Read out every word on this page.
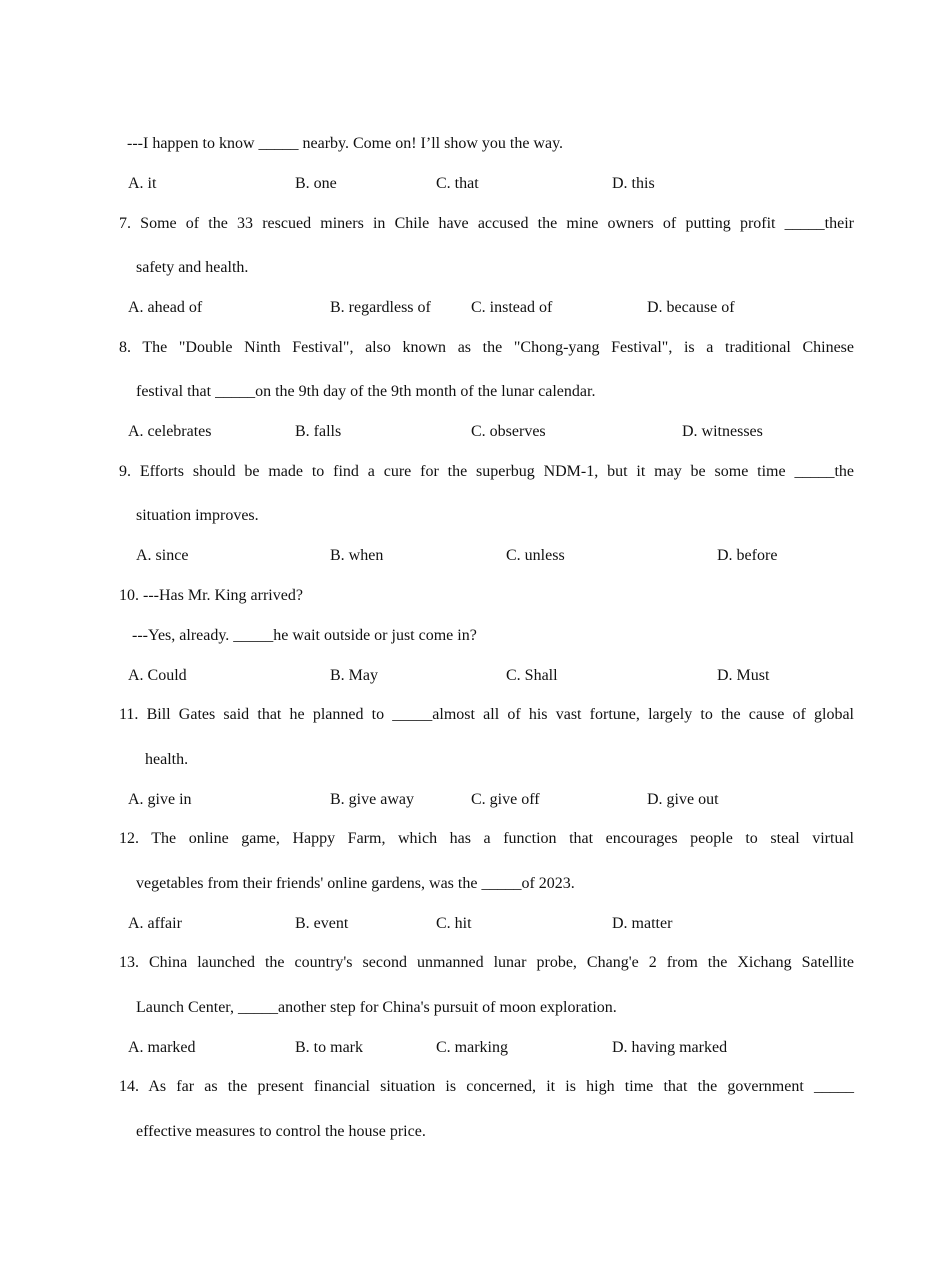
---I happen to know _____ nearby. Come on! I’ll show you the way.
A. it	B. one	C. that	D. this
7. Some of the 33 rescued miners in Chile have accused the mine owners of putting profit _____their
safety and health.
A. ahead of	B. regardless of	C. instead of	D. because of
8. The "Double Ninth Festival", also known as the "Chong-yang Festival", is a traditional Chinese
festival that _____on the 9th day of the 9th month of the lunar calendar.
A. celebrates	B. falls	C. observes	D. witnesses
9. Efforts should be made to find a cure for the superbug NDM-1, but it may be some time _____the
situation improves.
A. since	B. when	C. unless	D. before
10. ---Has Mr. King arrived?
---Yes, already. _____he wait outside or just come in?
A. Could	B. May	C. Shall	D. Must
11. Bill Gates said that he planned to _____almost all of his vast fortune, largely to the cause of global
health.
A. give in	B. give away	C. give off	D. give out
12. The online game, Happy Farm, which has a function that encourages people to steal virtual
vegetables from their friends' online gardens, was the _____of 2023.
A. affair	B. event	C. hit	D. matter
13. China launched the country's second unmanned lunar probe, Chang'e 2 from the Xichang Satellite
Launch Center, _____another step for China's pursuit of moon exploration.
A. marked	B. to mark	C. marking	D. having marked
14. As far as the present financial situation is concerned, it is high time that the government _____
effective measures to control the house price.
